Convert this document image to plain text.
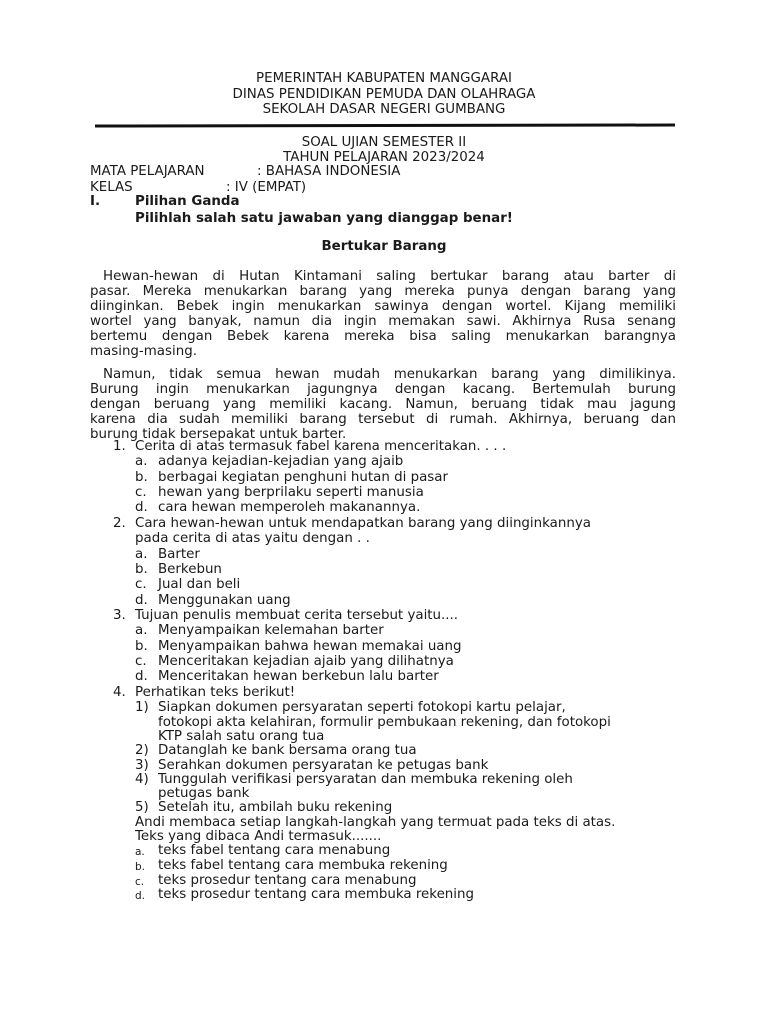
PEMERINTAH KABUPATEN MANGGARAI
DINAS PENDIDIKAN PEMUDA DAN OLAHRAGA
SEKOLAH DASAR NEGERI GUMBANG
SOAL UJIAN SEMESTER II
TAHUN PELAJARAN 2023/2024
MATA PELAJARAN	: BAHASA INDONESIA
KELAS	: IV (EMPAT)
I.	Pilihan Ganda
Pilihlah salah satu jawaban yang dianggap benar!
Bertukar Barang
Hewan-hewan di Hutan Kintamani saling bertukar barang atau barter di
pasar. Mereka menukarkan barang yang mereka punya dengan barang yang
diinginkan. Bebek ingin menukarkan sawinya dengan wortel. Kijang memiliki
wortel yang banyak, namun dia ingin memakan sawi. Akhirnya Rusa senang
bertemu dengan Bebek karena mereka bisa saling menukarkan barangnya
masing-masing.
Namun, tidak semua hewan mudah menukarkan barang yang dimilikinya.
Burung ingin menukarkan jagungnya dengan kacang. Bertemulah burung
dengan beruang yang memiliki kacang. Namun, beruang tidak mau jagung
karena dia sudah memiliki barang tersebut di rumah. Akhirnya, beruang dan
burung tidak bersepakat untuk barter.
1. Cerita di atas termasuk fabel karena menceritakan. . . .
a. adanya kejadian-kejadian yang ajaib
b. berbagai kegiatan penghuni hutan di pasar
c. hewan yang berprilaku seperti manusia
d. cara hewan memperoleh makanannya.
2. Cara hewan-hewan untuk mendapatkan barang yang diinginkannya
pada cerita di atas yaitu dengan . .
a. Barter
b. Berkebun
c. Jual dan beli
d. Menggunakan uang
3. Tujuan penulis membuat cerita tersebut yaitu....
a. Menyampaikan kelemahan barter
b. Menyampaikan bahwa hewan memakai uang
c. Menceritakan kejadian ajaib yang dilihatnya
d. Menceritakan hewan berkebun lalu barter
4. Perhatikan teks berikut!
1) Siapkan dokumen persyaratan seperti fotokopi kartu pelajar,
fotokopi akta kelahiran, formulir pembukaan rekening, dan fotokopi
KTP salah satu orang tua
2) Datanglah ke bank bersama orang tua
3) Serahkan dokumen persyaratan ke petugas bank
4) Tunggulah verifikasi persyaratan dan membuka rekening oleh
petugas bank
5) Setelah itu, ambilah buku rekening
Andi membaca setiap langkah-langkah yang termuat pada teks di atas.
Teks yang dibaca Andi termasuk.......
a. teks fabel tentang cara menabung
b. teks fabel tentang cara membuka rekening
c. teks prosedur tentang cara menabung
d. teks prosedur tentang cara membuka rekening
